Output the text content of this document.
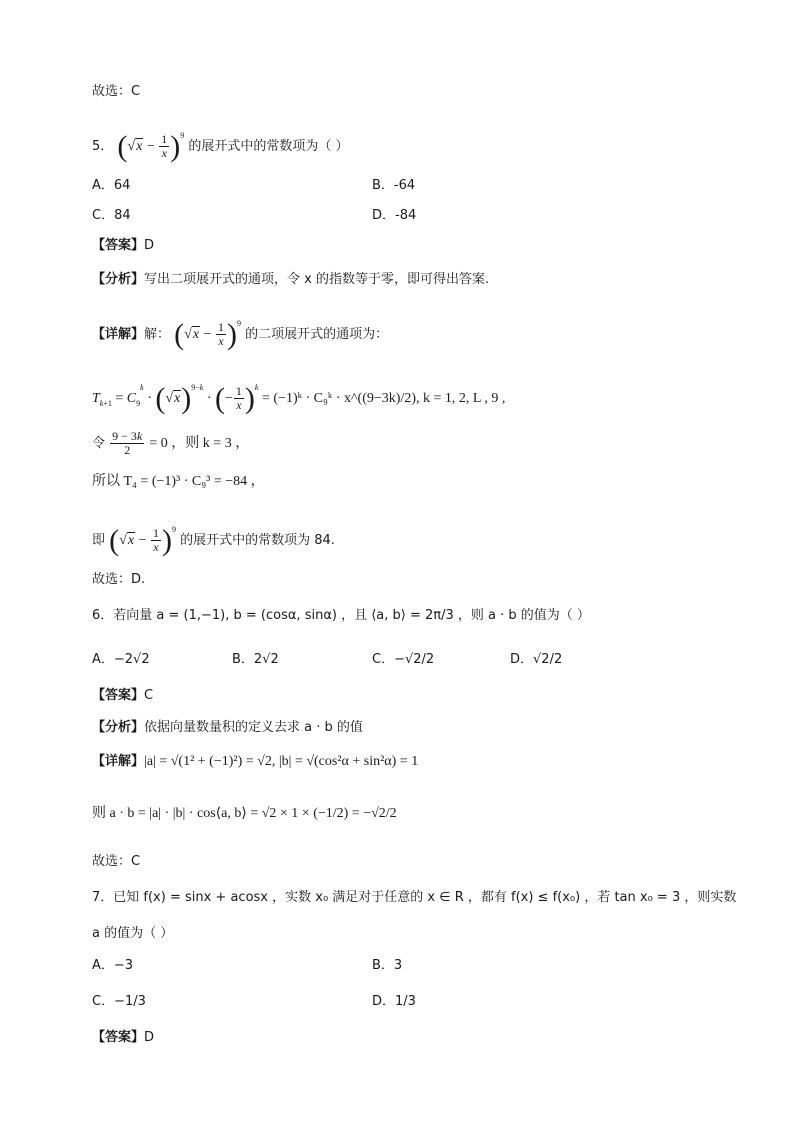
故选：C
5． $(√x - \frac{1}{x} )^9$ 的展开式中的常数项为（ ）
A．64	B．-64
C．84	D．-84
【答案】D
【分析】写出二项展开式的通项，令 x 的指数等于零，即可得出答案.
【详解】解： $(√x - \frac{1}{x} )^9$ 的二项展开式的通项为：
$T_{k+1} = C_9^k \cdot (√x)^{9-k}$ · (− $\frac{1}{x} )^k$ = (−1)ᵏ · C₉ᵏ · x^((9−3k)/2), k = 1, 2, L , 9 ,
令 $\frac{9 - 3k}{2} = 0$ ，则 k = 3 ，
所以 T₄ = (−1)³ · C₉³ = −84 ，
即 $(√x - \frac{1}{x} )^9$ 的展开式中的常数项为 84.
故选：D.
6．若向量 a = (1,−1), b = (cosα, sinα) ，且 ⟨a, b⟩ = 2π/3 ，则 a · b 的值为（ ）
A．−2√2	B．2√2	C．−√2/2	D．√2/2
【答案】C
【分析】依据向量数量积的定义去求 a · b 的值
【详解】|a| = √(1² + (−1)²) = √2, |b| = √(cos²α + sin²α) = 1
则 a · b = |a| · |b| · cos⟨a, b⟩ = √2 × 1 × (−1/2) = −√2/2
故选：C
7．已知 f(x) = sinx + acosx ，实数 x₀ 满足对于任意的 x ∈ R ，都有 f(x) ≤ f(x₀) ，若 tan x₀ = 3 ，则实数
a 的值为（ ）
A．−3	B．3
C．−1/3	D．1/3
【答案】D
